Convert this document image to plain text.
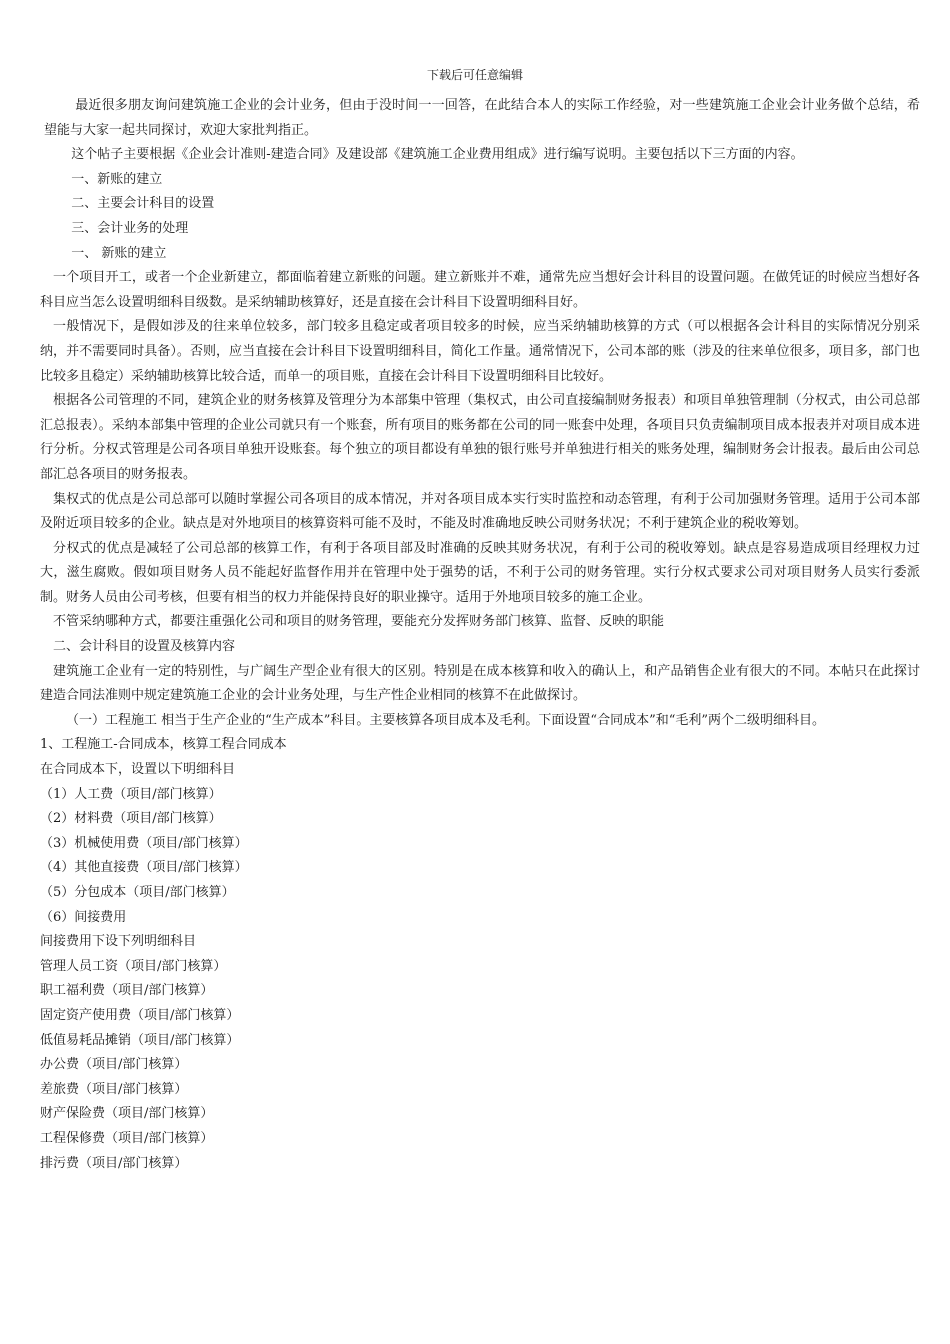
下载后可任意编辑

最近很多朋友询问建筑施工企业的会计业务，但由于没时间一一回答，在此结合本人的实际工作经验，对一些建筑施工企业会计业务做个总结，希望能与大家一起共同探讨，欢迎大家批判指正。

这个帖子主要根据《企业会计准则-建造合同》及建设部《建筑施工企业费用组成》进行编写说明。主要包括以下三方面的内容。

一、新账的建立

二、主要会计科目的设置

三、会计业务的处理

一、 新账的建立

一个项目开工，或者一个企业新建立，都面临着建立新账的问题。建立新账并不难，通常先应当想好会计科目的设置问题。在做凭证的时候应当想好各科目应当怎么设置明细科目级数。是采纳辅助核算好，还是直接在会计科目下设置明细科目好。

一般情况下，是假如涉及的往来单位较多，部门较多且稳定或者项目较多的时候，应当采纳辅助核算的方式（可以根据各会计科目的实际情况分别采纳，并不需要同时具备）。否则，应当直接在会计科目下设置明细科目，简化工作量。通常情况下，公司本部的账（涉及的往来单位很多，项目多，部门也比较多且稳定）采纳辅助核算比较合适，而单一的项目账，直接在会计科目下设置明细科目比较好。

根据各公司管理的不同，建筑企业的财务核算及管理分为本部集中管理（集权式，由公司直接编制财务报表）和项目单独管理制（分权式，由公司总部汇总报表）。采纳本部集中管理的企业公司就只有一个账套，所有项目的账务都在公司的同一账套中处理，各项目只负责编制项目成本报表并对项目成本进行分析。分权式管理是公司各项目单独开设账套。每个独立的项目都设有单独的银行账号并单独进行相关的账务处理，编制财务会计报表。最后由公司总部汇总各项目的财务报表。

集权式的优点是公司总部可以随时掌握公司各项目的成本情况，并对各项目成本实行实时监控和动态管理，有利于公司加强财务管理。适用于公司本部及附近项目较多的企业。缺点是对外地项目的核算资料可能不及时，不能及时准确地反映公司财务状况；不利于建筑企业的税收筹划。

分权式的优点是减轻了公司总部的核算工作，有利于各项目部及时准确的反映其财务状况，有利于公司的税收筹划。缺点是容易造成项目经理权力过大，滋生腐败。假如项目财务人员不能起好监督作用并在管理中处于强势的话，不利于公司的财务管理。实行分权式要求公司对项目财务人员实行委派制。财务人员由公司考核，但要有相当的权力并能保持良好的职业操守。适用于外地项目较多的施工企业。

不管采纳哪种方式，都要注重强化公司和项目的财务管理，要能充分发挥财务部门核算、监督、反映的职能

二、会计科目的设置及核算内容

建筑施工企业有一定的特别性，与广阔生产型企业有很大的区别。特别是在成本核算和收入的确认上，和产品销售企业有很大的不同。本帖只在此探讨建造合同法准则中规定建筑施工企业的会计业务处理，与生产性企业相同的核算不在此做探讨。

（一）工程施工 相当于生产企业的“生产成本”科目。主要核算各项目成本及毛利。下面设置“合同成本”和“毛利”两个二级明细科目。

1、工程施工-合同成本，核算工程合同成本

在合同成本下，设置以下明细科目

（1）人工费（项目/部门核算）

（2）材料费（项目/部门核算）

（3）机械使用费（项目/部门核算）

（4）其他直接费（项目/部门核算）

（5）分包成本（项目/部门核算）

（6）间接费用

间接费用下设下列明细科目

管理人员工资（项目/部门核算）

职工福利费（项目/部门核算）

固定资产使用费（项目/部门核算）

低值易耗品摊销（项目/部门核算）

办公费（项目/部门核算）

差旅费（项目/部门核算）

财产保险费（项目/部门核算）

工程保修费（项目/部门核算）

排污费（项目/部门核算）
